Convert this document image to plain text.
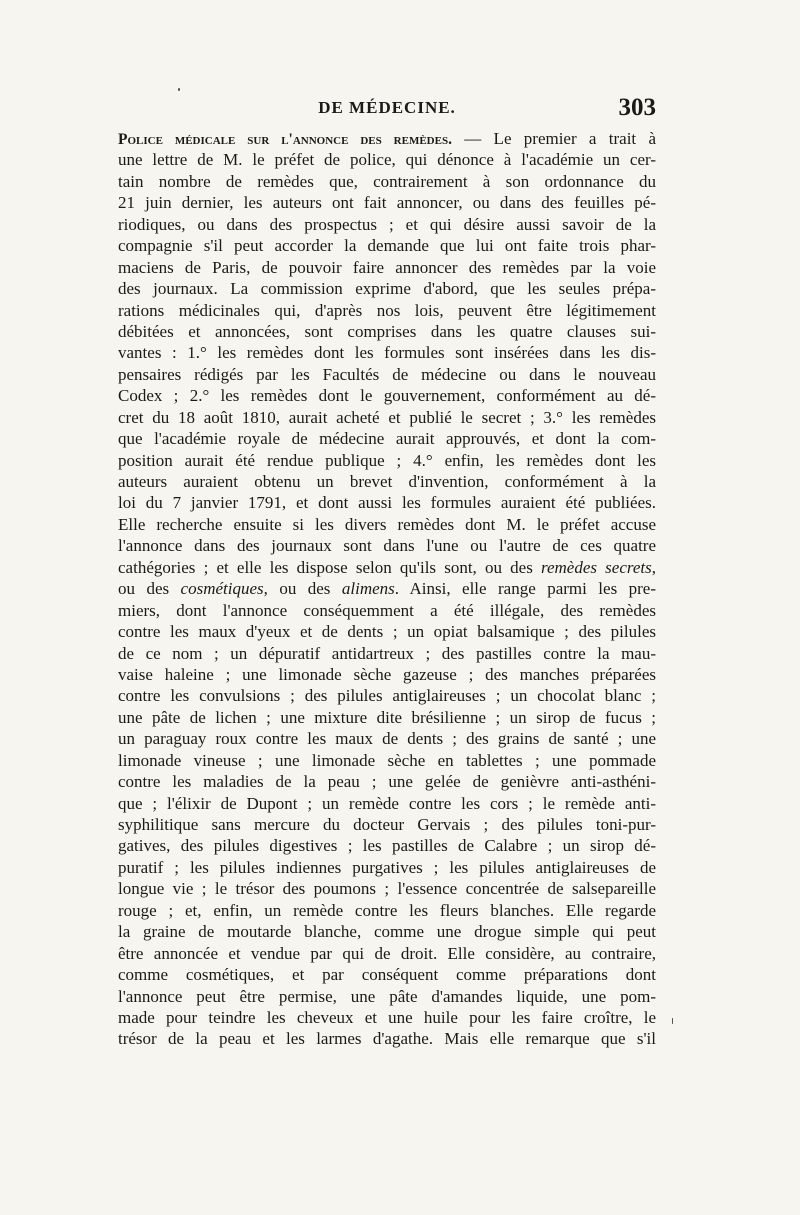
DE MÉDECINE.	303
Police médicale sur l'annonce des remèdes. — Le premier a trait à
une lettre de M. le préfet de police, qui dénonce à l'académie un cer-
tain nombre de remèdes que, contrairement à son ordonnance du
21 juin dernier, les auteurs ont fait annoncer, ou dans des feuilles pé-
riodiques, ou dans des prospectus ; et qui désire aussi savoir de la
compagnie s'il peut accorder la demande que lui ont faite trois phar-
maciens de Paris, de pouvoir faire annoncer des remèdes par la voie
des journaux. La commission exprime d'abord, que les seules prépa-
rations médicinales qui, d'après nos lois, peuvent être légitimement
débitées et annoncées, sont comprises dans les quatre clauses sui-
vantes : 1.° les remèdes dont les formules sont insérées dans les dis-
pensaires rédigés par les Facultés de médecine ou dans le nouveau
Codex ; 2.° les remèdes dont le gouvernement, conformément au dé-
cret du 18 août 1810, aurait acheté et publié le secret ; 3.° les remèdes
que l'académie royale de médecine aurait approuvés, et dont la com-
position aurait été rendue publique ; 4.° enfin, les remèdes dont les
auteurs auraient obtenu un brevet d'invention, conformément à la
loi du 7 janvier 1791, et dont aussi les formules auraient été publiées.
Elle recherche ensuite si les divers remèdes dont M. le préfet accuse
l'annonce dans des journaux sont dans l'une ou l'autre de ces quatre
cathégories ; et elle les dispose selon qu'ils sont, ou des remèdes secrets,
ou des cosmétiques, ou des alimens. Ainsi, elle range parmi les pre-
miers, dont l'annonce conséquemment a été illégale, des remèdes
contre les maux d'yeux et de dents ; un opiat balsamique ; des pilules
de ce nom ; un dépuratif antidartreux ; des pastilles contre la mau-
vaise haleine ; une limonade sèche gazeuse ; des manches préparées
contre les convulsions ; des pilules antiglaireuses ; un chocolat blanc ;
une pâte de lichen ; une mixture dite brésilienne ; un sirop de fucus ;
un paraguay roux contre les maux de dents ; des grains de santé ; une
limonade vineuse ; une limonade sèche en tablettes ; une pommade
contre les maladies de la peau ; une gelée de genièvre anti-asthéni-
que ; l'élixir de Dupont ; un remède contre les cors ; le remède anti-
syphilitique sans mercure du docteur Gervais ; des pilules toni-pur-
gatives, des pilules digestives ; les pastilles de Calabre ; un sirop dé-
puratif ; les pilules indiennes purgatives ; les pilules antiglaireuses de
longue vie ; le trésor des poumons ; l'essence concentrée de salsepareille
rouge ; et, enfin, un remède contre les fleurs blanches. Elle regarde
la graine de moutarde blanche, comme une drogue simple qui peut
être annoncée et vendue par qui de droit. Elle considère, au contraire,
comme cosmétiques, et par conséquent comme préparations dont
l'annonce peut être permise, une pâte d'amandes liquide, une pom-
made pour teindre les cheveux et une huile pour les faire croître, le
trésor de la peau et les larmes d'agathe. Mais elle remarque que s'il
